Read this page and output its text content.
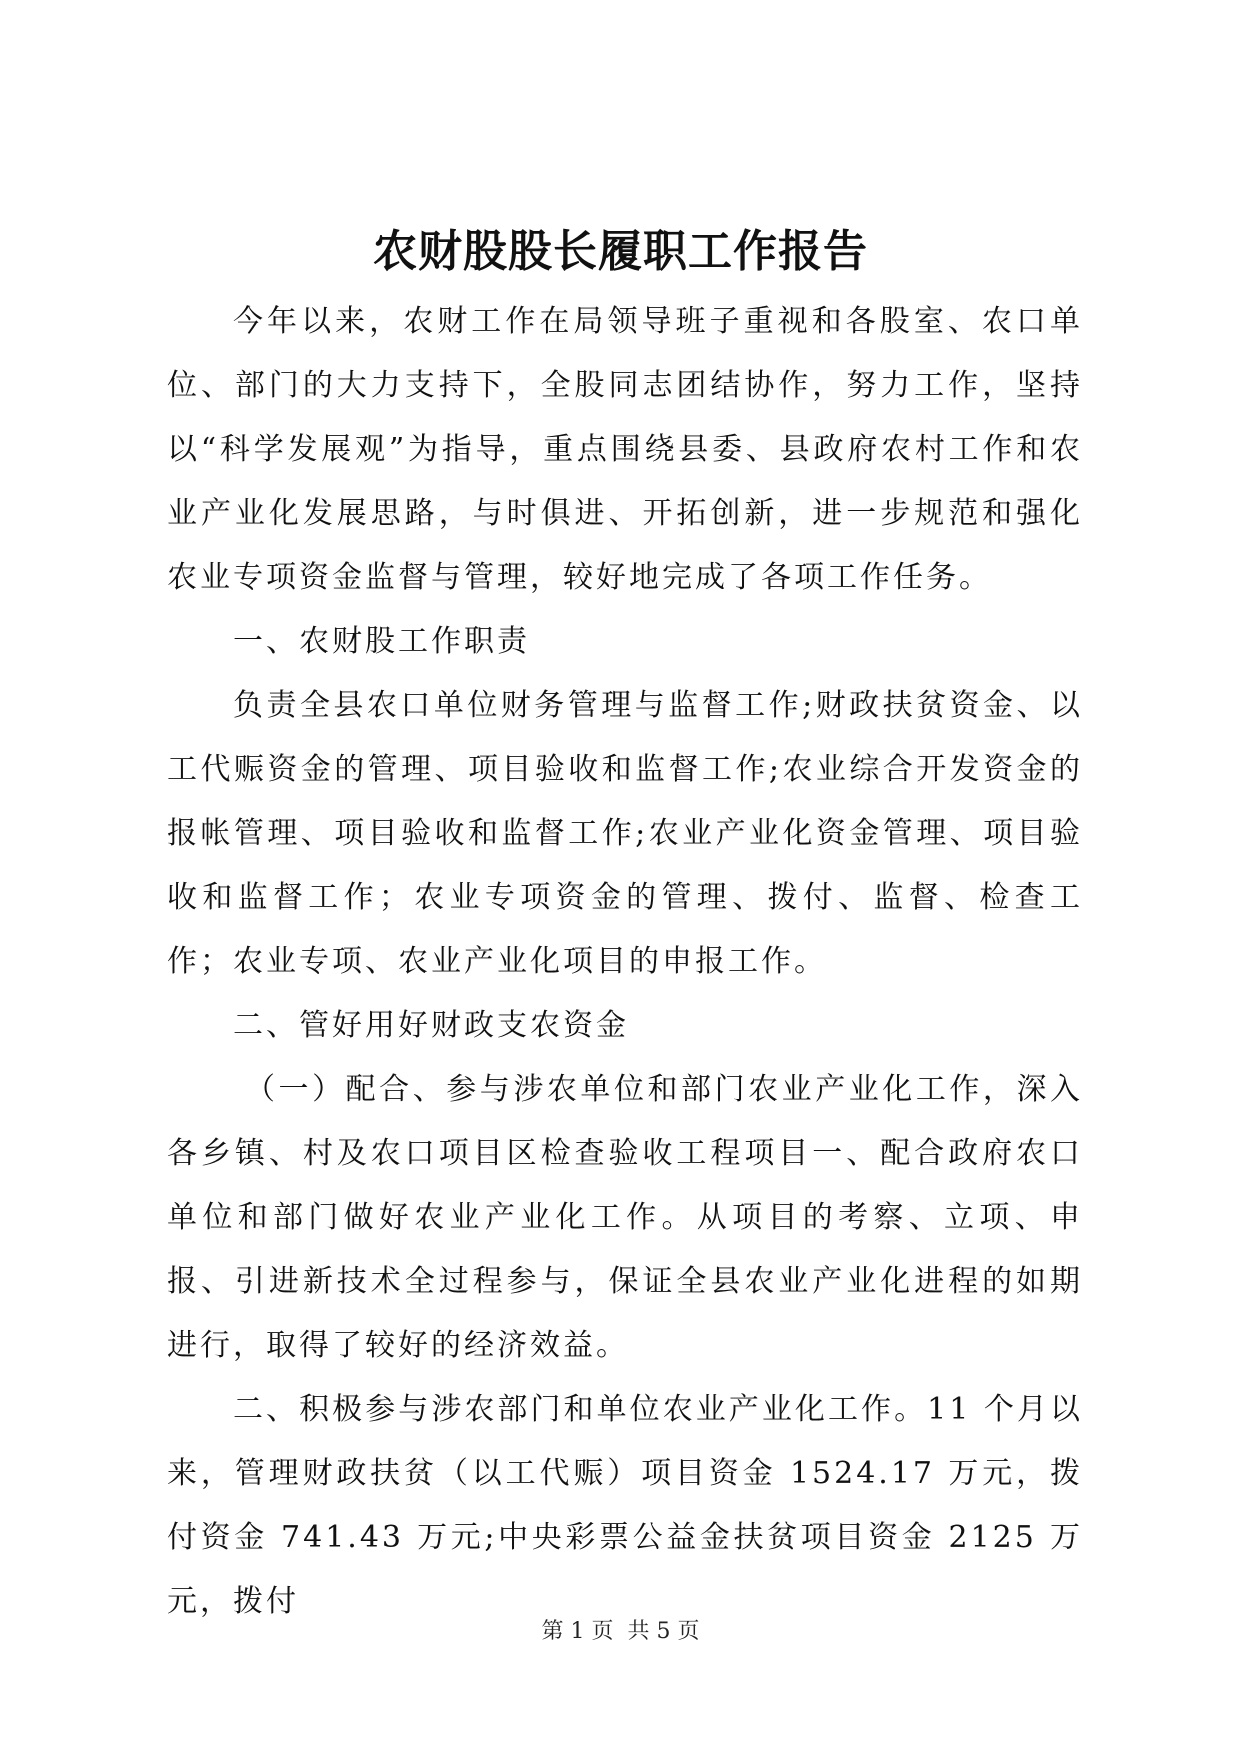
农财股股长履职工作报告

今年以来，农财工作在局领导班子重视和各股室、农口单位、部门的大力支持下，全股同志团结协作，努力工作，坚持以“科学发展观”为指导，重点围绕县委、县政府农村工作和农业产业化发展思路，与时俱进、开拓创新，进一步规范和强化农业专项资金监督与管理，较好地完成了各项工作任务。

一、农财股工作职责

负责全县农口单位财务管理与监督工作;财政扶贫资金、以工代赈资金的管理、项目验收和监督工作;农业综合开发资金的报帐管理、项目验收和监督工作;农业产业化资金管理、项目验收和监督工作；农业专项资金的管理、拨付、监督、检查工作；农业专项、农业产业化项目的申报工作。

二、管好用好财政支农资金

（一）配合、参与涉农单位和部门农业产业化工作，深入各乡镇、村及农口项目区检查验收工程项目一、配合政府农口单位和部门做好农业产业化工作。从项目的考察、立项、申报、引进新技术全过程参与，保证全县农业产业化进程的如期进行，取得了较好的经济效益。

二、积极参与涉农部门和单位农业产业化工作。11 个月以来，管理财政扶贫（以工代赈）项目资金 1524.17 万元，拨付资金 741.43 万元;中央彩票公益金扶贫项目资金 2125 万元，拨付

第 1 页 共 5 页
